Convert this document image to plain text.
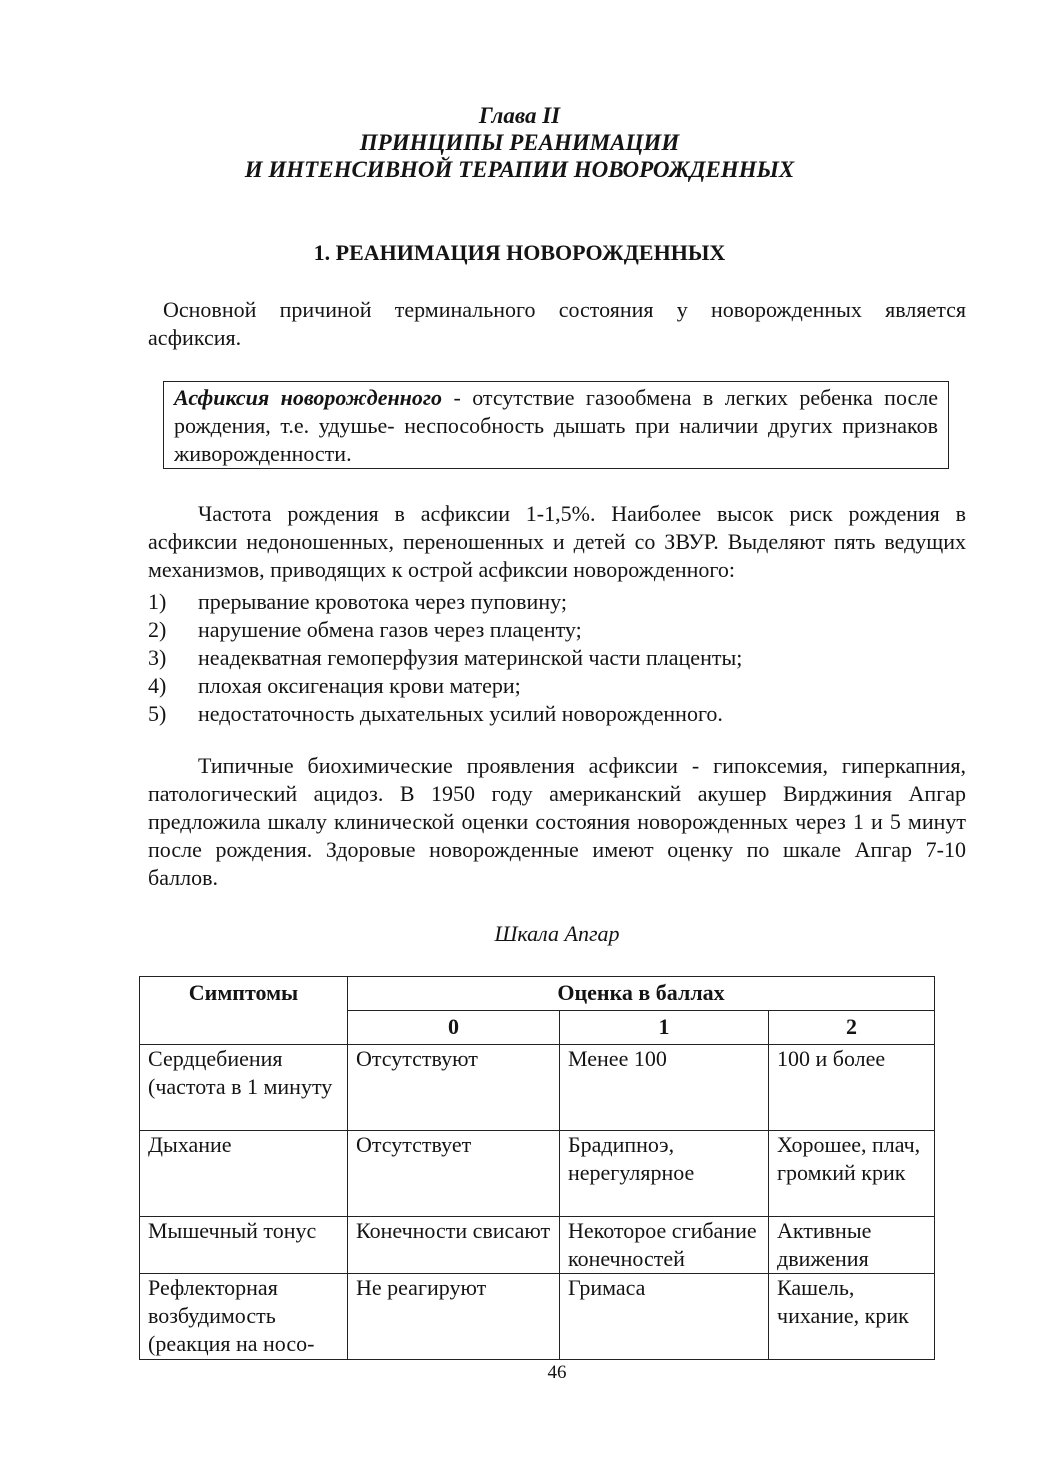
Глава II
ПРИНЦИПЫ РЕАНИМАЦИИ
И ИНТЕНСИВНОЙ ТЕРАПИИ НОВОРОЖДЕННЫХ
1. РЕАНИМАЦИЯ НОВОРОЖДЕННЫХ
Основной причиной терминального состояния у новорожденных является
асфиксия.
Асфиксия новорожденного - отсутствие газообмена в легких ребенка после рождения, т.е. удушье- неспособность дышать при наличии других признаков живорожденности.
Частота рождения в асфиксии 1-1,5%. Наиболее высок риск рождения в асфиксии недоношенных, переношенных и детей со ЗВУР. Выделяют пять ведущих механизмов, приводящих к острой асфиксии новорожденного:
1)	прерывание кровотока через пуповину;
2)	нарушение обмена газов через плаценту;
3)	неадекватная гемоперфузия материнской части плаценты;
4)	плохая оксигенация крови матери;
5)	недостаточность дыхательных усилий новорожденного.
Типичные биохимические проявления асфиксии - гипоксемия, гиперкапния, патологический ацидоз. В 1950 году американский акушер Вирджиния Апгар предложила шкалу клинической оценки состояния новорожденных через 1 и 5 минут после рождения. Здоровые новорожденные имеют оценку по шкале Апгар 7-10 баллов.
Шкала Апгар
Симптомы	Оценка в баллах		
	0	1	2
Сердцебиения (частота в 1 минуту	Отсутствуют	Менее 100	100 и более
Дыхание	Отсутствует	Брадипноэ, нерегулярное	Хорошее, плач, громкий крик
Мышечный тонус	Конечности свисают	Некоторое сгибание конечностей	Активные движения
Рефлекторная возбудимость (реакция на носо-	Не реагируют	Гримаса	Кашель, чихание, крик
46
